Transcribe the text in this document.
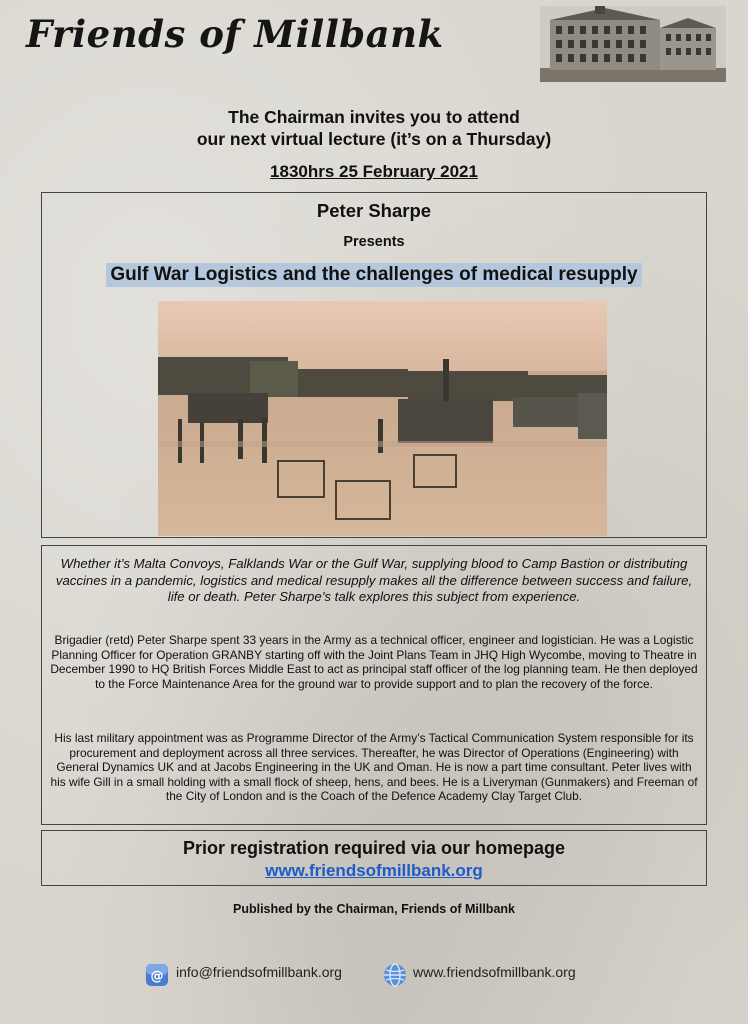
Friends of Millbank
The Chairman invites you to attend
our next virtual lecture (it’s on a Thursday)
1830hrs 25 February 2021
Peter Sharpe
Presents
Gulf War Logistics and the challenges of medical resupply
Whether it’s Malta Convoys, Falklands War or the Gulf War, supplying blood to Camp Bastion or distributing vaccines in a pandemic, logistics and medical resupply makes all the difference between success and failure, life or death. Peter Sharpe’s talk explores this subject from experience.
Brigadier (retd) Peter Sharpe spent 33 years in the Army as a technical officer, engineer and logistician. He was a Logistic Planning Officer for Operation GRANBY starting off with the Joint Plans Team in JHQ High Wycombe, moving to Theatre in December 1990 to HQ British Forces Middle East to act as principal staff officer of the log planning team. He then deployed to the Force Maintenance Area for the ground war to provide support and to plan the recovery of the force.
His last military appointment was as Programme Director of the Army’s Tactical Communication System responsible for its procurement and deployment across all three services. Thereafter, he was Director of Operations (Engineering) with General Dynamics UK and at Jacobs Engineering in the UK and Oman. He is now a part time consultant. Peter lives with his wife Gill in a small holding with a small flock of sheep, hens, and bees. He is a Liveryman (Gunmakers) and Freeman of the City of London and is the Coach of the Defence Academy Clay Target Club.
Prior registration required via our homepage
www.friendsofmillbank.org
Published by the Chairman, Friends of Millbank
@ info@friendsofmillbank.org	www.friendsofmillbank.org
